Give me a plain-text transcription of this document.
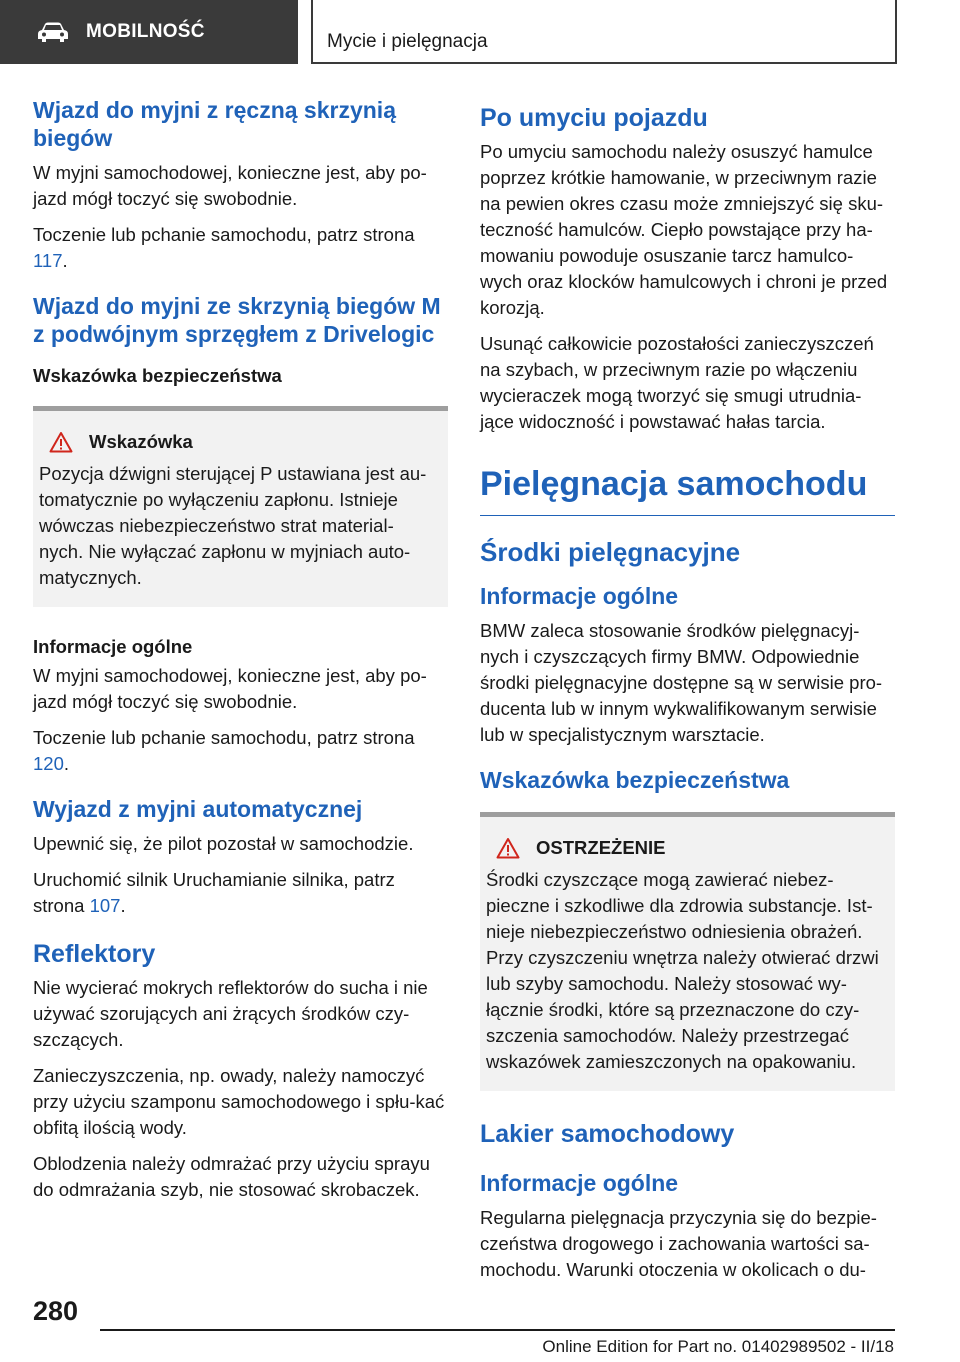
MOBILNOŚĆ	Mycie i pielęgnacja
Wjazd do myjni z ręczną skrzynią biegów

W myjni samochodowej, konieczne jest, aby po-jazd mógł toczyć się swobodnie.

Toczenie lub pchanie samochodu, patrz strona 117.

Wjazd do myjni ze skrzynią biegów M z podwójnym sprzęgłem z Drivelogic
Wskazówka bezpieczeństwa
Wskazówka

Pozycja dźwigni sterującej P ustawiana jest au-tomatycznie po wyłączeniu zapłonu. Istnieje wówczas niebezpieczeństwo strat material-nych. Nie wyłączać zapłonu w myjniach auto-matycznych.

Informacje ogólne

W myjni samochodowej, konieczne jest, aby po-jazd mógł toczyć się swobodnie.

Toczenie lub pchanie samochodu, patrz strona 120.

Wyjazd z myjni automatycznej

Upewnić się, że pilot pozostał w samochodzie.

Uruchomić silnik Uruchamianie silnika, patrz strona 107.

Reflektory

Nie wycierać mokrych reflektorów do sucha i nie używać szorujących ani żrących środków czy-szczących.

Zanieczyszczenia, np. owady, należy namoczyć przy użyciu szamponu samochodowego i spłu-kać obfitą ilością wody.

Oblodzenia należy odmrażać przy użyciu sprayu do odmrażania szyb, nie stosować skrobaczek.

Po umyciu pojazdu

Po umyciu samochodu należy osuszyć hamulce poprzez krótkie hamowanie, w przeciwnym razie na pewien okres czasu może zmniejszyć się sku-teczność hamulców. Ciepło powstające przy ha-mowaniu powoduje osuszanie tarcz hamulco-wych oraz klocków hamulcowych i chroni je przed korozją.

Usunąć całkowicie pozostałości zanieczyszczeń na szybach, w przeciwnym razie po włączeniu wycieraczek mogą tworzyć się smugi utrudnia-jące widoczność i powstawać hałas tarcia.

Pielęgnacja samochodu
Środki pielęgnacyjne
Informacje ogólne

BMW zaleca stosowanie środków pielęgnacyj-nych i czyszczących firmy BMW. Odpowiednie środki pielęgnacyjne dostępne są w serwisie pro-ducenta lub w innym wykwalifikowanym serwisie lub w specjalistycznym warsztacie.

Wskazówka bezpieczeństwa
OSTRZEŻENIE

Środki czyszczące mogą zawierać niebez-pieczne i szkodliwe dla zdrowia substancje. Ist-nieje niebezpieczeństwo odniesienia obrażeń. Przy czyszczeniu wnętrza należy otwierać drzwi lub szyby samochodu. Należy stosować wy-łącznie środki, które są przeznaczone do czy-szczenia samochodów. Należy przestrzegać wskazówek zamieszczonych na opakowaniu.

Lakier samochodowy
Informacje ogólne

Regularna pielęgnacja przyczynia się do bezpie-czeństwa drogowego i zachowania wartości sa-mochodu. Warunki otoczenia w okolicach o du-

280
Online Edition for Part no. 01402989502 - II/18
